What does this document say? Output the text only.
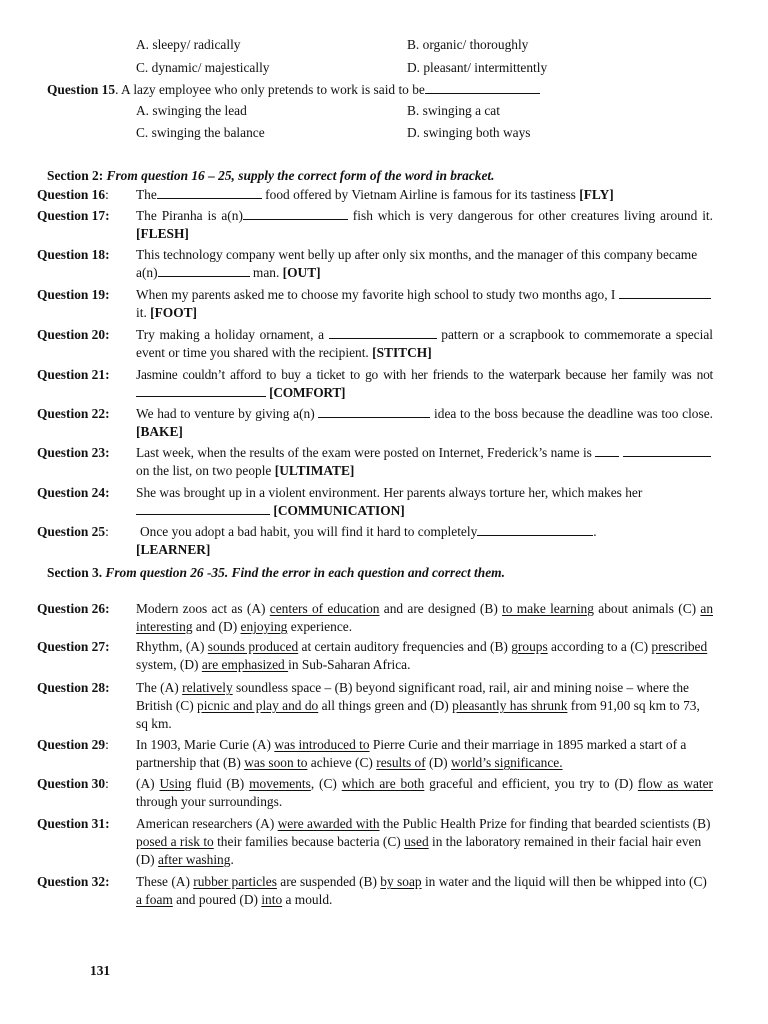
A. sleepy/ radically	B. organic/ thoroughly
C. dynamic/ majestically	D. pleasant/ intermittently
Question 15. A lazy employee who only pretends to work is said to be
A. swinging the lead	B. swinging a cat
C. swinging the balance	D. swinging both ways
Section 2: From question 16 – 25, supply the correct form of the word in bracket.
Question 16: The	food offered by Vietnam Airline is famous for its tastiness [FLY]
Question 17: The Piranha is a(n)	fish which is very dangerous for other creatures living around it. [FLESH]
Question 18: This technology company went belly up after only six months, and the manager of this company became a(n)	man. [OUT]
Question 19: When my parents asked me to choose my favorite high school to study two months ago, I  it. [FOOT]
Question 20: Try making a holiday ornament, a	pattern or a scrapbook to commemorate a special event or time you shared with the recipient. [STITCH]
Question 21: Jasmine couldn’t afford to buy a ticket to go with her friends to the waterpark because her family was not  [COMFORT]
Question 22: We had to venture by giving a(n)	idea to the boss because the deadline was too close. [BAKE]
Question 23: Last week, when the results of the exam were posted on Internet, Frederick’s name is  on the list, on two people [ULTIMATE]
Question 24: She was brought up in a violent environment. Her parents always torture her, which makes her  [COMMUNICATION]
Question 25: Once you adopt a bad habit, you will find it hard to completely	.
[LEARNER]
Section 3. From question 26 -35. Find the error in each question and correct them.
Question 26: Modern zoos act as (A) centers of education and are designed (B) to make learning about animals (C) an interesting and (D) enjoying experience.
Question 27: Rhythm, (A) sounds produced at certain auditory frequencies and (B) groups according to a (C) prescribed system, (D) are emphasized in Sub-Saharan Africa.
Question 28: The (A) relatively soundless space – (B) beyond significant road, rail, air and mining noise – where the British (C) picnic and play and do all things green and (D) pleasantly has shrunk from 91,00 sq km to 73, sq km.
Question 29: In 1903, Marie Curie (A) was introduced to Pierre Curie and their marriage in 1895 marked a start of a partnership that (B) was soon to achieve (C) results of (D) world’s significance.
Question 30: (A) Using fluid (B) movements, (C) which are both graceful and efficient, you try to (D) flow as water through your surroundings.
Question 31: American researchers (A) were awarded with the Public Health Prize for finding that bearded scientists (B) posed a risk to their families because bacteria (C) used in the laboratory remained in their facial hair even (D) after washing.
Question 32: These (A) rubber particles are suspended (B) by soap in water and the liquid will then be whipped into (C) a foam and poured (D) into a mould.
131
